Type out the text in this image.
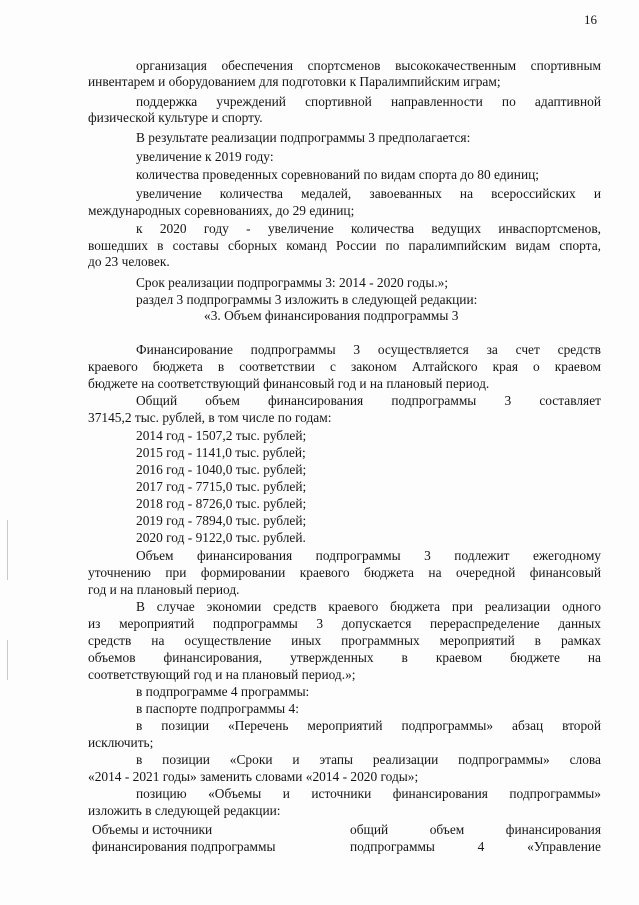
16
организация обеспечения спортсменов высококачественным спортивным
инвентарем и оборудованием для подготовки к Паралимпийским играм;
поддержка учреждений спортивной направленности по адаптивной
физической культуре и спорту.
В результате реализации подпрограммы 3 предполагается:
увеличение к 2019 году:
количества проведенных соревнований по видам спорта до 80 единиц;
увеличение количества медалей, завоеванных на всероссийских и
международных соревнованиях, до 29 единиц;
к 2020 году - увеличение количества ведущих инваспортсменов,
вошедших в составы сборных команд России по паралимпийским видам спорта,
до 23 человек.
Срок реализации подпрограммы 3: 2014 - 2020 годы.»;
раздел 3 подпрограммы 3 изложить в следующей редакции:
«3. Объем финансирования подпрограммы 3
Финансирование подпрограммы 3 осуществляется за счет средств
краевого бюджета в соответствии с законом Алтайского края о краевом
бюджете на соответствующий финансовый год и на плановый период.
Общий объем финансирования подпрограммы 3 составляет
37145,2 тыс. рублей, в том числе по годам:
2014 год - 1507,2 тыс. рублей;
2015 год - 1141,0 тыс. рублей;
2016 год - 1040,0 тыс. рублей;
2017 год - 7715,0 тыс. рублей;
2018 год - 8726,0 тыс. рублей;
2019 год - 7894,0 тыс. рублей;
2020 год - 9122,0 тыс. рублей.
Объем финансирования подпрограммы 3 подлежит ежегодному
уточнению при формировании краевого бюджета на очередной финансовый
год и на плановый период.
В случае экономии средств краевого бюджета при реализации одного
из мероприятий подпрограммы 3 допускается перераспределение данных
средств на осуществление иных программных мероприятий в рамках
объемов финансирования, утвержденных в краевом бюджете на
соответствующий год и на плановый период.»;
в подпрограмме 4 программы:
в паспорте подпрограммы 4:
в позиции «Перечень мероприятий подпрограммы» абзац второй
исключить;
в позиции «Сроки и этапы реализации подпрограммы» слова
«2014 - 2021 годы» заменить словами «2014 - 2020 годы»;
позицию «Объемы и источники финансирования подпрограммы»
изложить в следующей редакции:
Объемы и источники
финансирования подпрограммы
общий объем финансирования
подпрограммы 4 «Управление
